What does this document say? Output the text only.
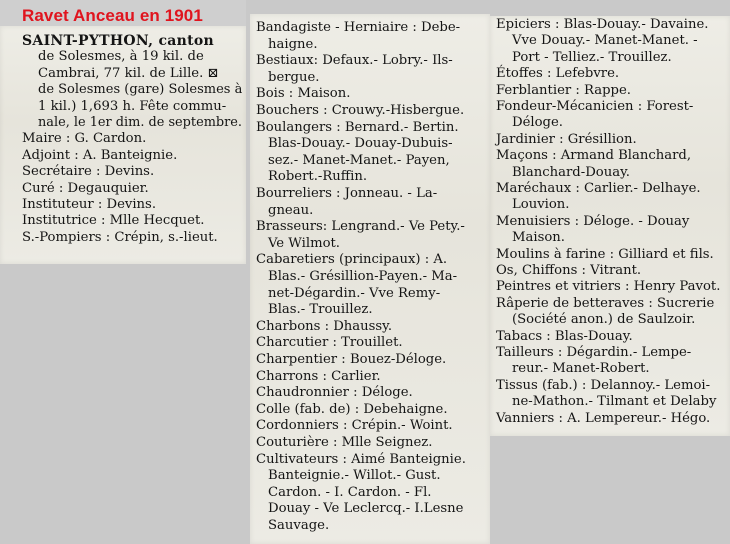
Ravet Anceau en 1901
SAINT-PYTHON, canton
de Solesmes, à 19 kil. de
Cambrai, 77 kil. de Lille. ⊠
de Solesmes (gare) Solesmes à
1 kil.) 1,693 h. Fête commu-
nale, le 1er dim. de septembre.
Maire : G. Cardon.
Adjoint : A. Banteignie.
Secrétaire : Devins.
Curé : Degauquier.
Instituteur : Devins.
Institutrice : Mlle Hecquet.
S.-Pompiers : Crépin, s.-lieut.
Bandagiste - Herniaire : Debe-
haigne.
Bestiaux: Defaux.- Lobry.- Ils-
bergue.
Bois : Maison.
Bouchers : Crouwy.-Hisbergue.
Boulangers : Bernard.- Bertin.
Blas-Douay.- Douay-Dubuis-
sez.- Manet-Manet.- Payen,
Robert.-Ruffin.
Bourreliers : Jonneau. - La-
gneau.
Brasseurs: Lengrand.- Ve Pety.-
Ve Wilmot.
Cabaretiers (principaux) : A.
Blas.- Grésillion-Payen.- Ma-
net-Dégardin.- Vve Remy-
Blas.- Trouillez.
Charbons : Dhaussy.
Charcutier : Trouillet.
Charpentier : Bouez-Déloge.
Charrons : Carlier.
Chaudronnier : Déloge.
Colle (fab. de) : Debehaigne.
Cordonniers : Crépin.- Woint.
Couturière : Mlle Seignez.
Cultivateurs : Aimé Banteignie.
Banteignie.- Willot.- Gust.
Cardon. - I. Cardon. - Fl.
Douay - Ve Leclercq.- I.Lesne
Sauvage.
Epiciers : Blas-Douay.- Davaine.
Vve Douay.- Manet-Manet. -
Port - Telliez.- Trouillez.
Étoffes : Lefebvre.
Ferblantier : Rappe.
Fondeur-Mécanicien : Forest-
Déloge.
Jardinier : Grésillion.
Maçons : Armand Blanchard,
Blanchard-Douay.
Maréchaux : Carlier.- Delhaye.
Louvion.
Menuisiers : Déloge. - Douay
Maison.
Moulins à farine : Gilliard et fils.
Os, Chiffons : Vitrant.
Peintres et vitriers : Henry Pavot.
Râperie de betteraves : Sucrerie
(Société anon.) de Saulzoir.
Tabacs : Blas-Douay.
Tailleurs : Dégardin.- Lempe-
reur.- Manet-Robert.
Tissus (fab.) : Delannoy.- Lemoi-
ne-Mathon.- Tilmant et Delaby
Vanniers : A. Lempereur.- Hégo.
